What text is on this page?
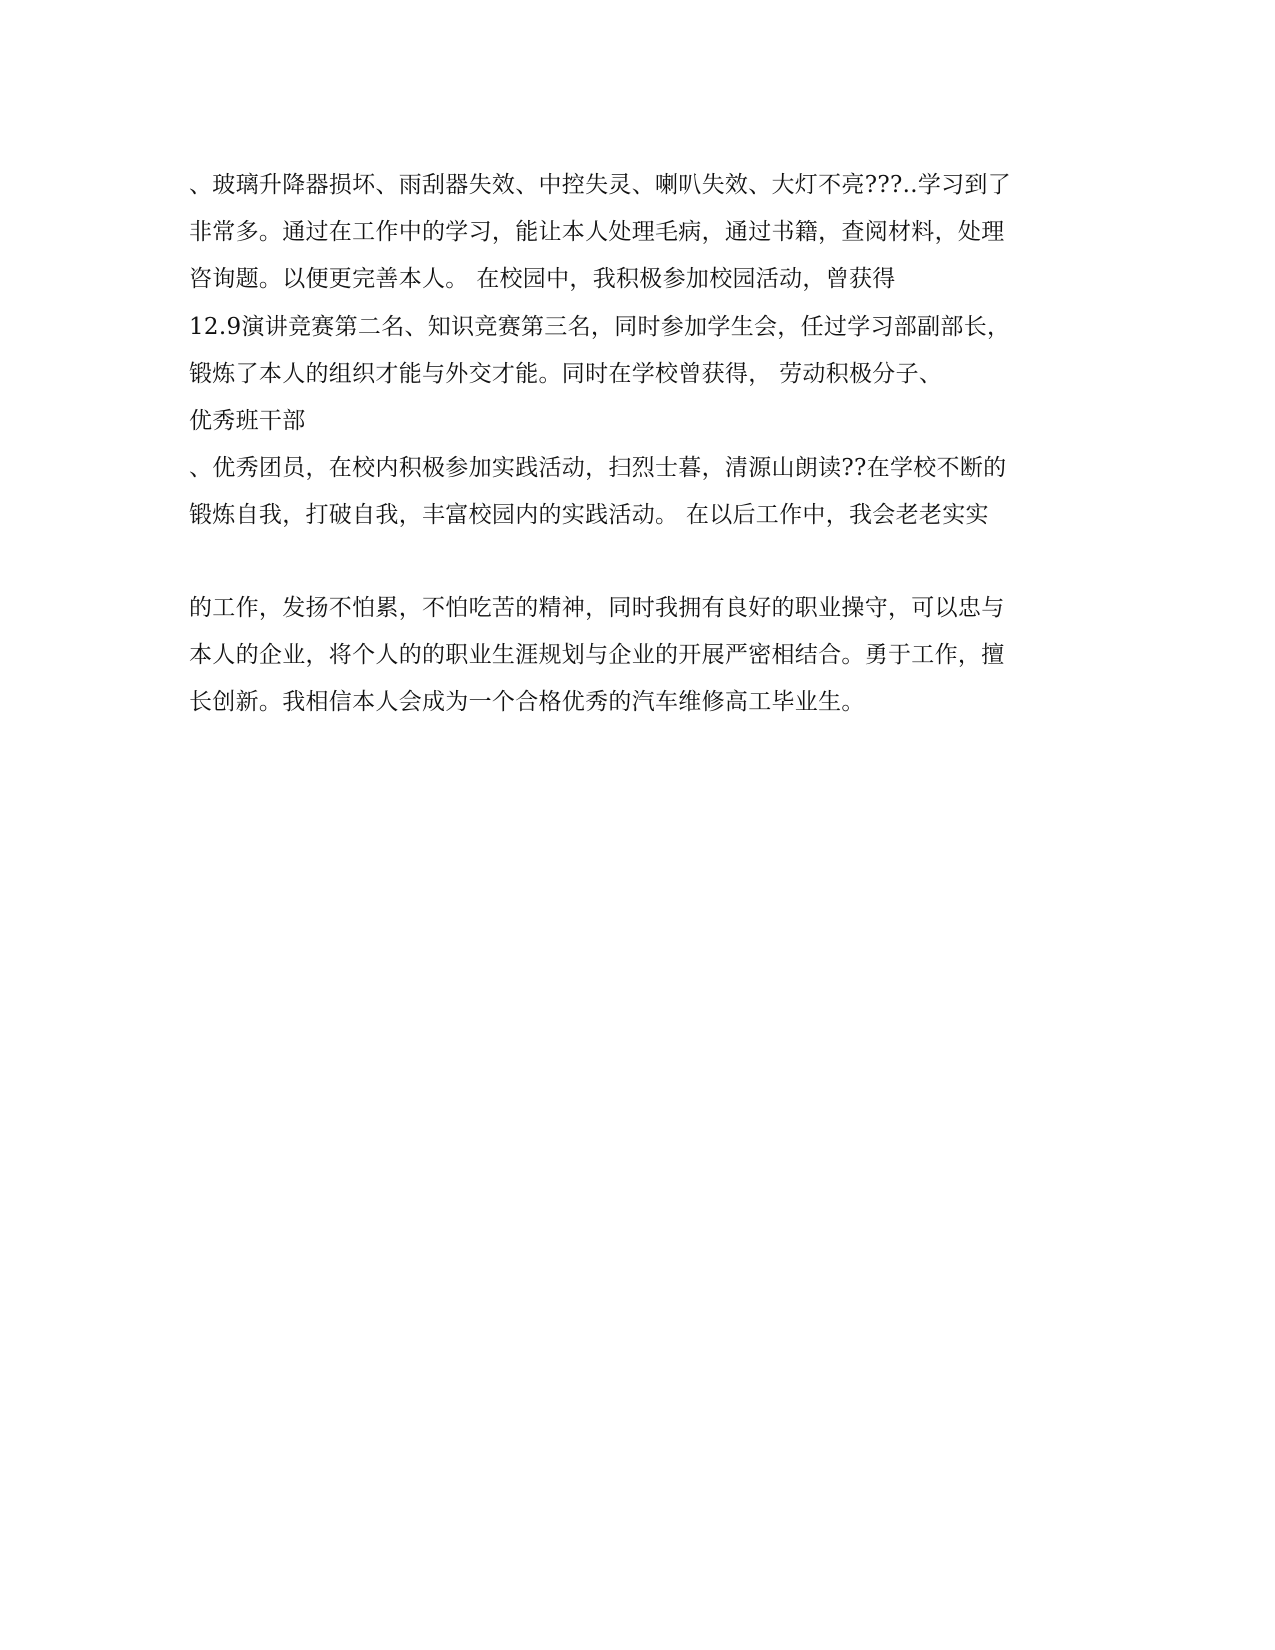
、玻璃升降器损坏、雨刮器失效、中控失灵、喇叭失效、大灯不亮???..学习到了
非常多。通过在工作中的学习，能让本人处理毛病，通过书籍，查阅材料，处理
咨询题。以便更完善本人。 在校园中，我积极参加校园活动，曾获得
12.9演讲竞赛第二名、知识竞赛第三名，同时参加学生会，任过学习部副部长，
锻炼了本人的组织才能与外交才能。同时在学校曾获得， 劳动积极分子、
优秀班干部
、优秀团员，在校内积极参加实践活动，扫烈士暮，清源山朗读??在学校不断的
锻炼自我，打破自我，丰富校园内的实践活动。 在以后工作中，我会老老实实
的工作，发扬不怕累，不怕吃苦的精神，同时我拥有良好的职业操守，可以忠与
本人的企业，将个人的的职业生涯规划与企业的开展严密相结合。勇于工作，擅
长创新。我相信本人会成为一个合格优秀的汽车维修高工毕业生。
